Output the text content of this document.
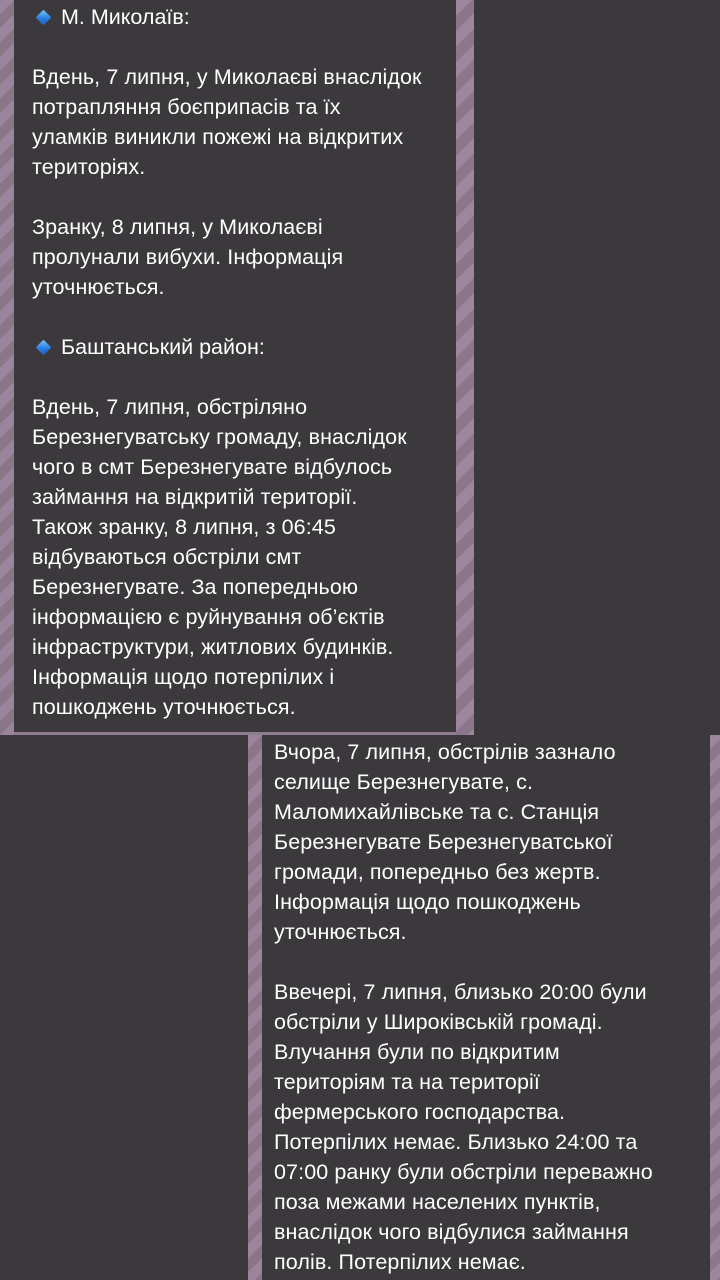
М. Миколаїв:
Вдень, 7 липня, у Миколаєві внаслідок
потрапляння боєприпасів та їх
уламків виникли пожежі на відкритих
територіях.
Зранку, 8 липня, у Миколаєві
пролунали вибухи. Інформація
уточнюється.
Баштанський район:
Вдень, 7 липня, обстріляно
Березнегуватську громаду, внаслідок
чого в смт Березнегувате відбулось
займання на відкритій території.
Також зранку, 8 липня, з 06:45
відбуваються обстріли смт
Березнегувате. За попередньою
інформацією є руйнування об’єктів
інфраструктури, житлових будинків.
Інформація щодо потерпілих і
пошкоджень уточнюється.
Вчора, 7 липня, обстрілів зазнало
селище Березнегувате, с.
Маломихайлівське та с. Станція
Березнегувате Березнегуватської
громади, попередньо без жертв.
Інформація щодо пошкоджень
уточнюється.
Ввечері, 7 липня, близько 20:00 були
обстріли у Широківській громаді.
Влучання були по відкритим
територіям та на території
фермерського господарства.
Потерпілих немає. Близько 24:00 та
07:00 ранку були обстріли переважно
поза межами населених пунктів,
внаслідок чого відбулися займання
полів. Потерпілих немає.
